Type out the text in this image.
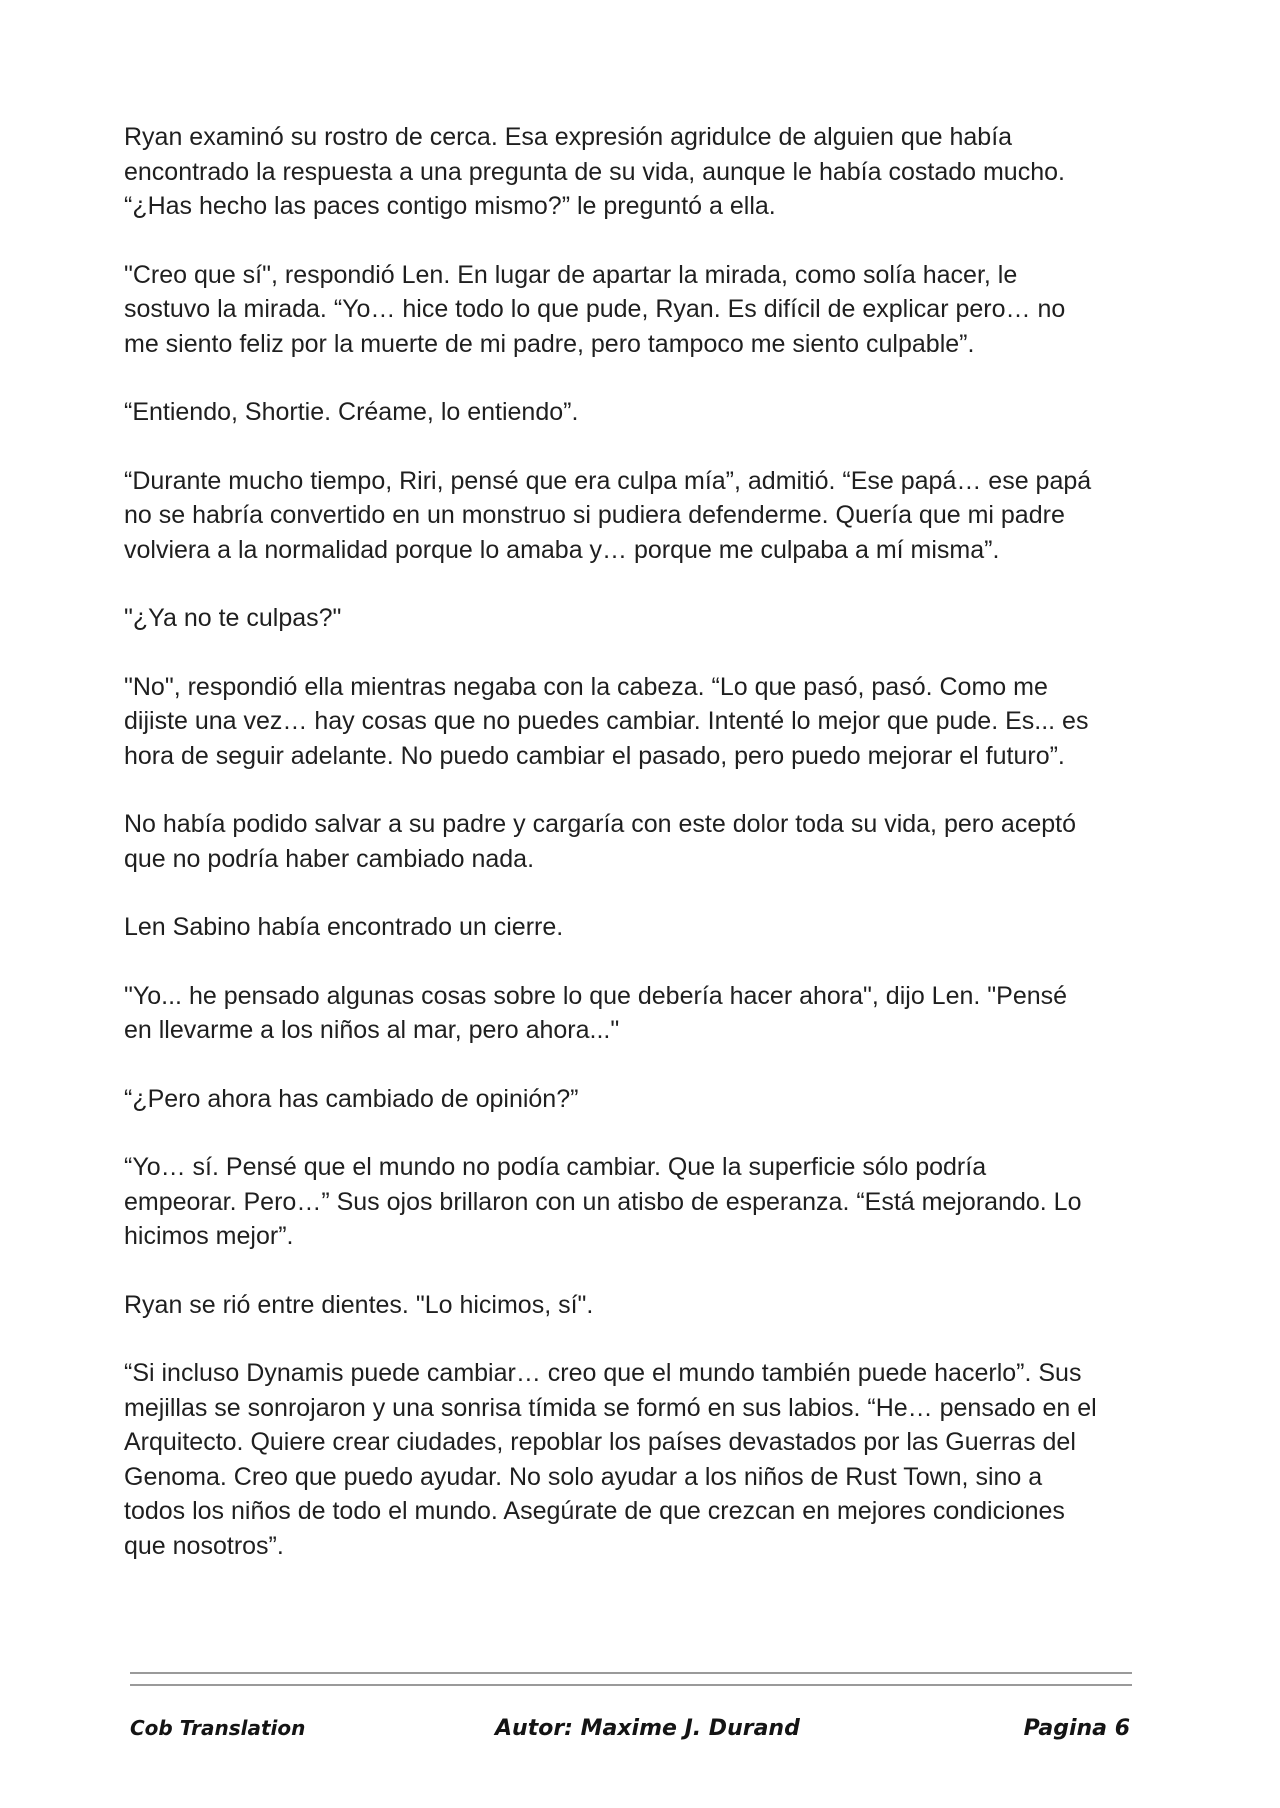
Ryan examinó su rostro de cerca. Esa expresión agridulce de alguien que había
encontrado la respuesta a una pregunta de su vida, aunque le había costado mucho.
“¿Has hecho las paces contigo mismo?” le preguntó a ella.

"Creo que sí", respondió Len. En lugar de apartar la mirada, como solía hacer, le
sostuvo la mirada. “Yo… hice todo lo que pude, Ryan. Es difícil de explicar pero… no
me siento feliz por la muerte de mi padre, pero tampoco me siento culpable”.

“Entiendo, Shortie. Créame, lo entiendo”.

“Durante mucho tiempo, Riri, pensé que era culpa mía”, admitió. “Ese papá… ese papá
no se habría convertido en un monstruo si pudiera defenderme. Quería que mi padre
volviera a la normalidad porque lo amaba y… porque me culpaba a mí misma”.

"¿Ya no te culpas?"

"No", respondió ella mientras negaba con la cabeza. “Lo que pasó, pasó. Como me
dijiste una vez… hay cosas que no puedes cambiar. Intenté lo mejor que pude. Es... es
hora de seguir adelante. No puedo cambiar el pasado, pero puedo mejorar el futuro”.

No había podido salvar a su padre y cargaría con este dolor toda su vida, pero aceptó
que no podría haber cambiado nada.

Len Sabino había encontrado un cierre.

"Yo... he pensado algunas cosas sobre lo que debería hacer ahora", dijo Len. "Pensé
en llevarme a los niños al mar, pero ahora..."

“¿Pero ahora has cambiado de opinión?”

“Yo… sí. Pensé que el mundo no podía cambiar. Que la superficie sólo podría
empeorar. Pero…” Sus ojos brillaron con un atisbo de esperanza. “Está mejorando. Lo
hicimos mejor”.

Ryan se rió entre dientes. "Lo hicimos, sí".

“Si incluso Dynamis puede cambiar… creo que el mundo también puede hacerlo”. Sus
mejillas se sonrojaron y una sonrisa tímida se formó en sus labios. “He… pensado en el
Arquitecto. Quiere crear ciudades, repoblar los países devastados por las Guerras del
Genoma. Creo que puedo ayudar. No solo ayudar a los niños de Rust Town, sino a
todos los niños de todo el mundo. Asegúrate de que crezcan en mejores condiciones
que nosotros”.

Cob Translation	Autor: Maxime J. Durand	Pagina 6
